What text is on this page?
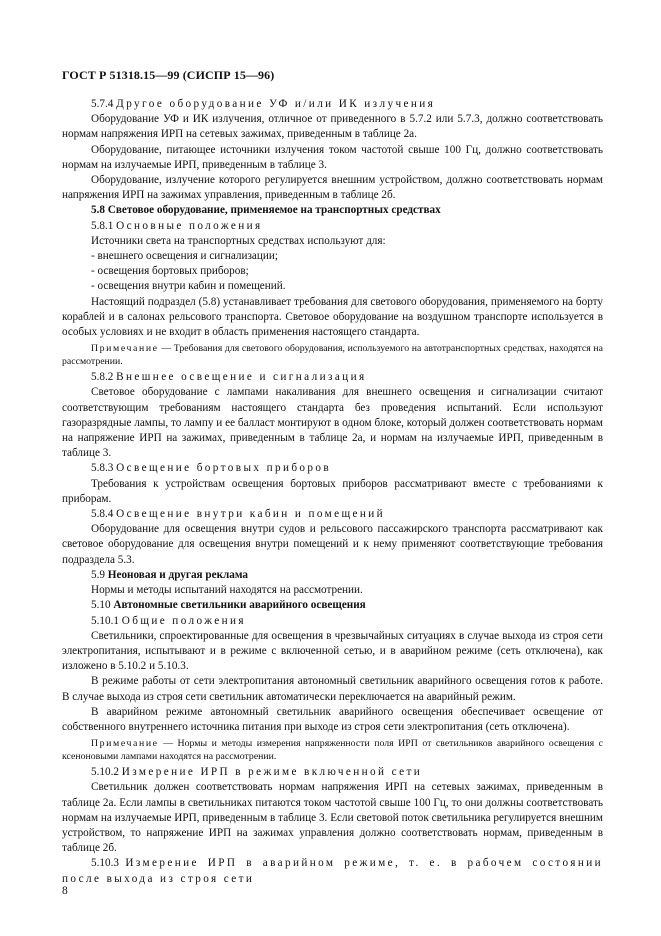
ГОСТ Р 51318.15—99 (СИСПР 15—96)

5.7.4 Другое оборудование УФ и/или ИК излучения

Оборудование УФ и ИК излучения, отличное от приведенного в 5.7.2 или 5.7.3, должно соответствовать нормам напряжения ИРП на сетевых зажимах, приведенным в таблице 2а.

Оборудование, питающее источники излучения током частотой свыше 100 Гц, должно соответствовать нормам на излучаемые ИРП, приведенным в таблице 3.

Оборудование, излучение которого регулируется внешним устройством, должно соответствовать нормам напряжения ИРП на зажимах управления, приведенным в таблице 2б.

5.8 Световое оборудование, применяемое на транспортных средствах

5.8.1 Основные положения

Источники света на транспортных средствах используют для:

- внешнего освещения и сигнализации;
- освещения бортовых приборов;
- освещения внутри кабин и помещений.

Настоящий подраздел (5.8) устанавливает требования для светового оборудования, применяемого на борту кораблей и в салонах рельсового транспорта. Световое оборудование на воздушном транспорте используется в особых условиях и не входит в область применения настоящего стандарта.

Примечание — Требования для светового оборудования, используемого на автотранспортных средствах, находятся на рассмотрении.

5.8.2 Внешнее освещение и сигнализация

Световое оборудование с лампами накаливания для внешнего освещения и сигнализации считают соответствующим требованиям настоящего стандарта без проведения испытаний. Если используют газоразрядные лампы, то лампу и ее балласт монтируют в одном блоке, который должен соответствовать нормам на напряжение ИРП на зажимах, приведенным в таблице 2а, и нормам на излучаемые ИРП, приведенным в таблице 3.

5.8.3 Освещение бортовых приборов

Требования к устройствам освещения бортовых приборов рассматривают вместе с требованиями к приборам.

5.8.4 Освещение внутри кабин и помещений

Оборудование для освещения внутри судов и рельсового пассажирского транспорта рассматривают как световое оборудование для освещения внутри помещений и к нему применяют соответствующие требования подраздела 5.3.

5.9 Неоновая и другая реклама

Нормы и методы испытаний находятся на рассмотрении.

5.10 Автономные светильники аварийного освещения

5.10.1 Общие положения

Светильники, спроектированные для освещения в чрезвычайных ситуациях в случае выхода из строя сети электропитания, испытывают и в режиме с включенной сетью, и в аварийном режиме (сеть отключена), как изложено в 5.10.2 и 5.10.3.

В режиме работы от сети электропитания автономный светильник аварийного освещения готов к работе. В случае выхода из строя сети светильник автоматически переключается на аварийный режим.

В аварийном режиме автономный светильник аварийного освещения обеспечивает освещение от собственного внутреннего источника питания при выходе из строя сети электропитания (сеть отключена).

Примечание — Нормы и методы измерения напряженности поля ИРП от светильников аварийного освещения с ксеноновыми лампами находятся на рассмотрении.

5.10.2 Измерение ИРП в режиме включенной сети

Светильник должен соответствовать нормам напряжения ИРП на сетевых зажимах, приведенным в таблице 2а. Если лампы в светильниках питаются током частотой свыше 100 Гц, то они должны соответствовать нормам на излучаемые ИРП, приведенным в таблице 3. Если световой поток светильника регулируется внешним устройством, то напряжение ИРП на зажимах управления должно соответствовать нормам, приведенным в таблице 2б.

5.10.3 Измерение ИРП в аварийном режиме, т. е. в рабочем состоянии после выхода из строя сети

8
